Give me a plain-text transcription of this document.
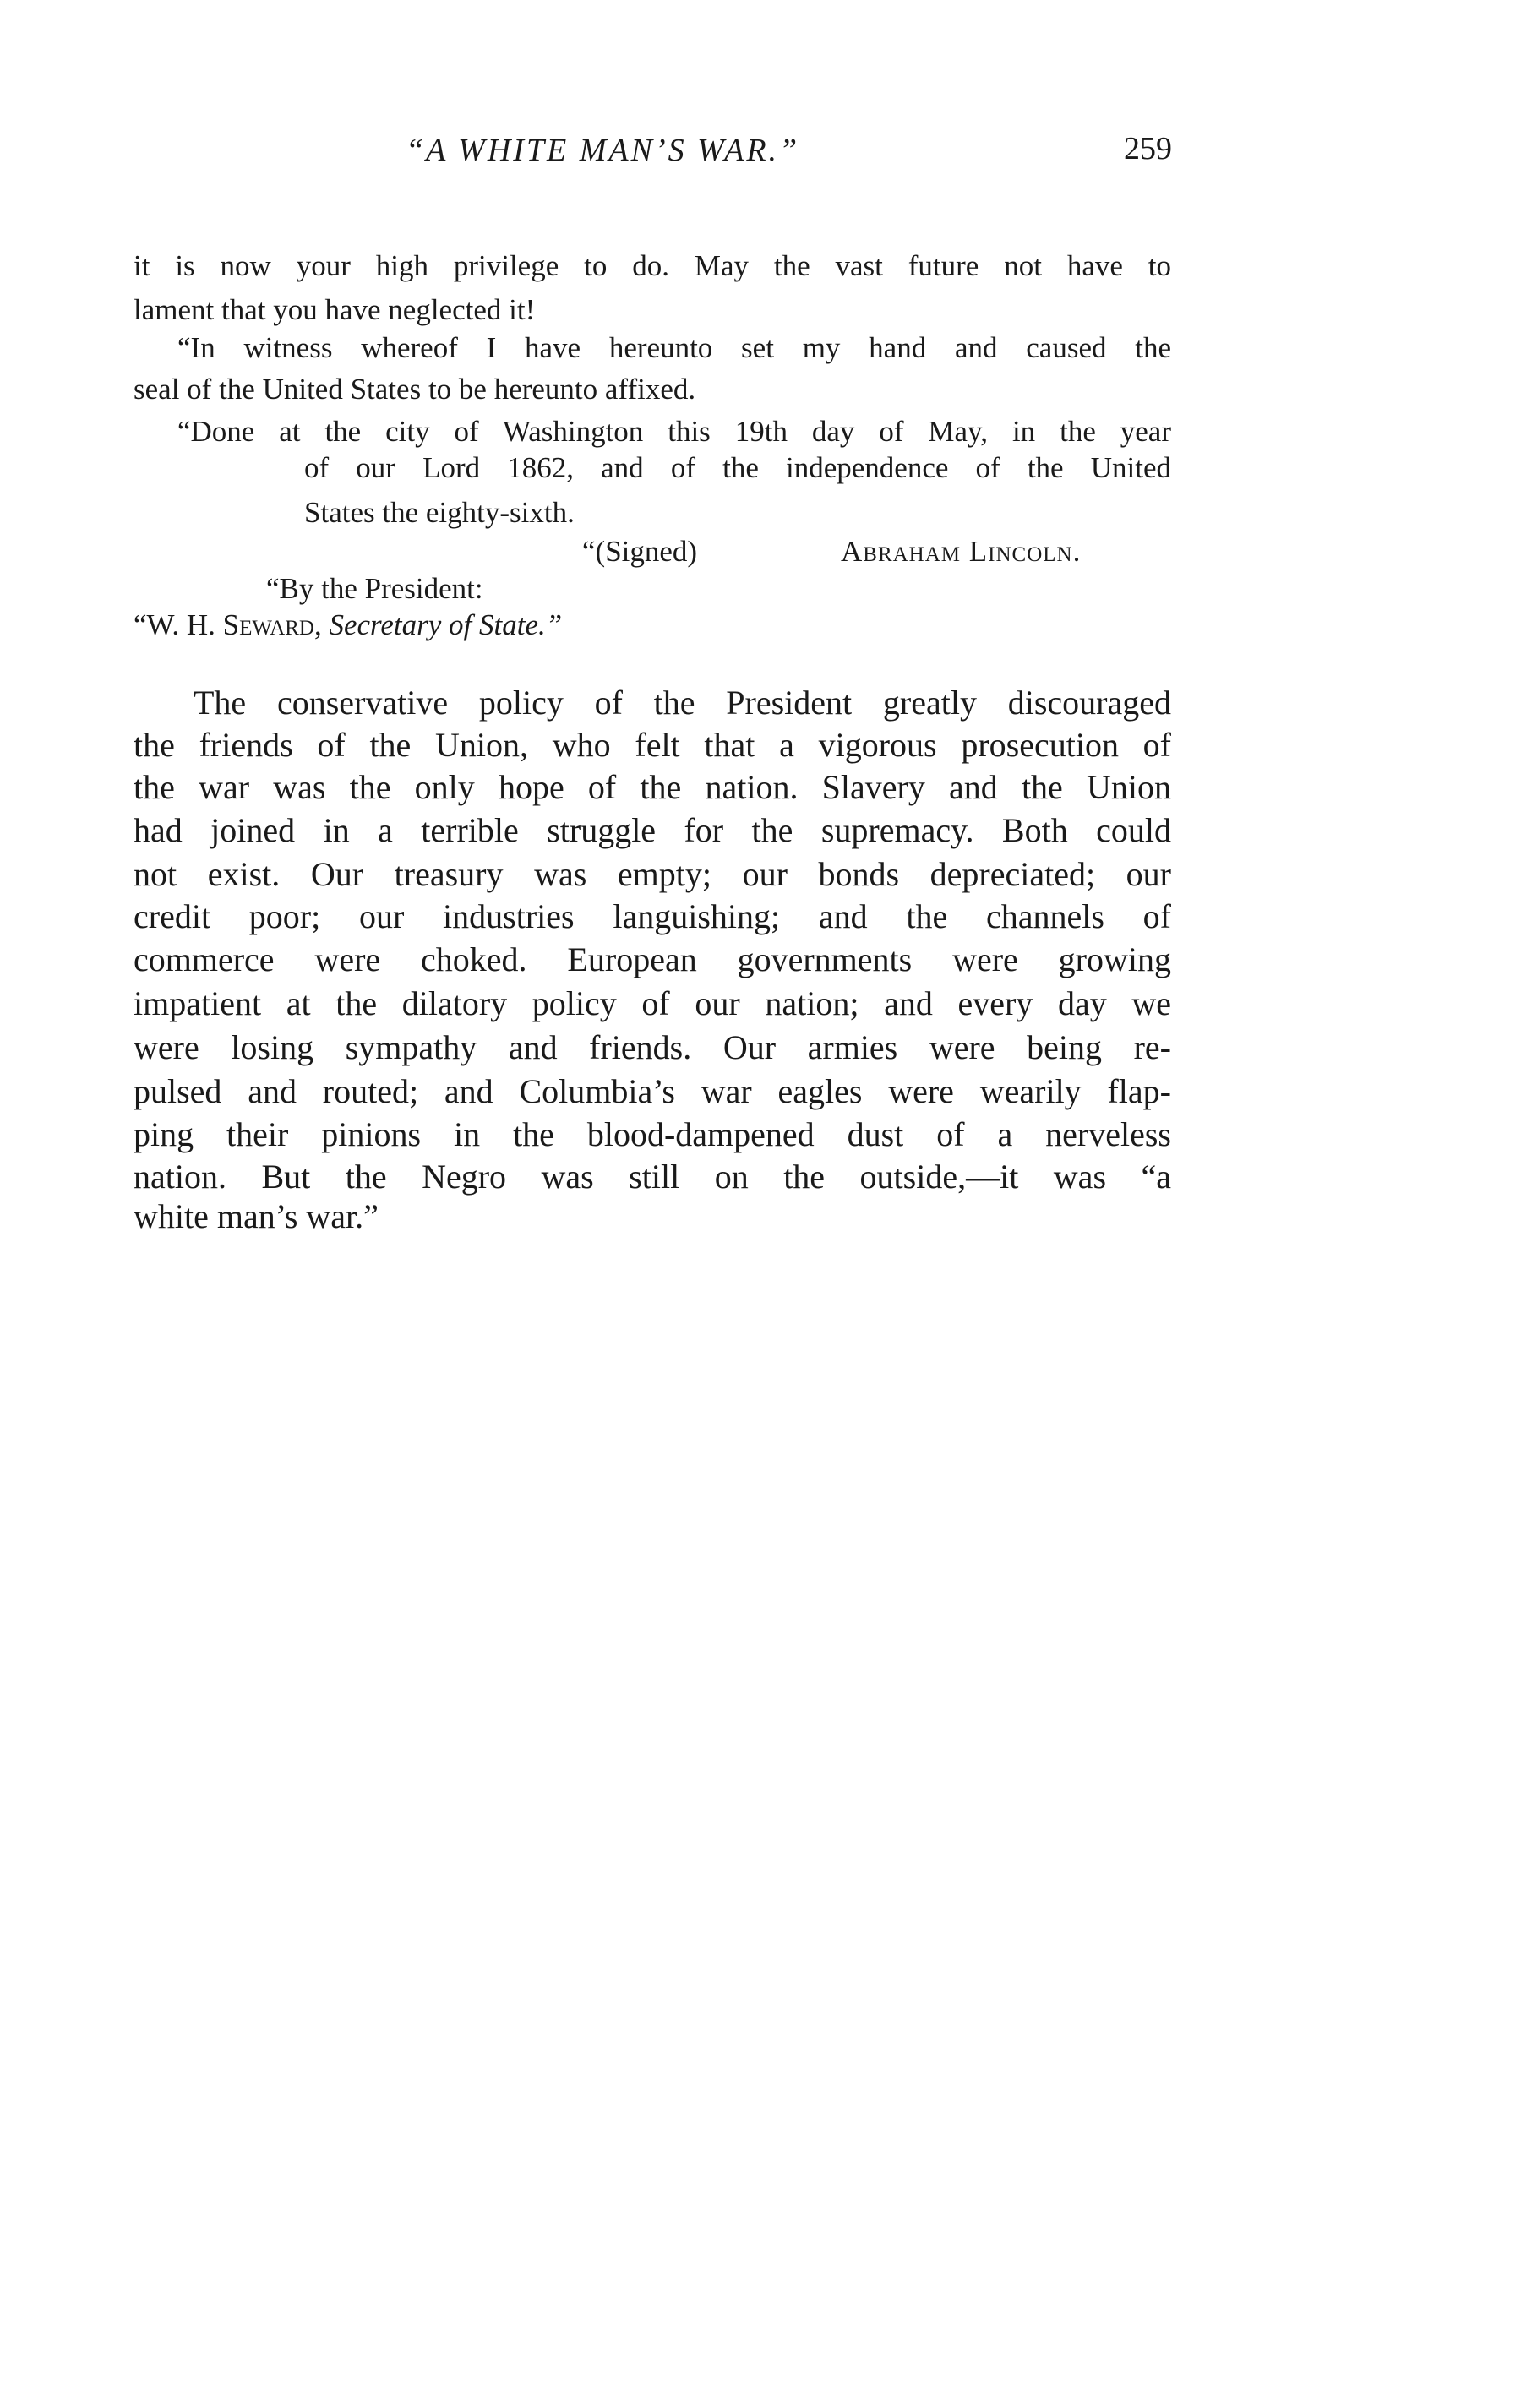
“A WHITE MAN’S WAR.”	259
it is now your high privilege to do. May the vast future not have to
lament that you have neglected it!
“In witness whereof I have hereunto set my hand and caused the
seal of the United States to be hereunto affixed.
“Done at the city of Washington this 19th day of May, in the year
of our Lord 1862, and of the independence of the United
States the eighty-sixth.
“(Signed)	Abraham Lincoln.
“By the President:
“W. H. Seward, Secretary of State.”
The conservative policy of the President greatly discouraged
the friends of the Union, who felt that a vigorous prosecution of
the war was the only hope of the nation. Slavery and the Union
had joined in a terrible struggle for the supremacy. Both could
not exist. Our treasury was empty; our bonds depreciated; our
credit poor; our industries languishing; and the channels of
commerce were choked. European governments were growing
impatient at the dilatory policy of our nation; and every day we
were losing sympathy and friends. Our armies were being re-
pulsed and routed; and Columbia’s war eagles were wearily flap-
ping their pinions in the blood-dampened dust of a nerveless
nation. But the Negro was still on the outside,—it was “a
white man’s war.”
